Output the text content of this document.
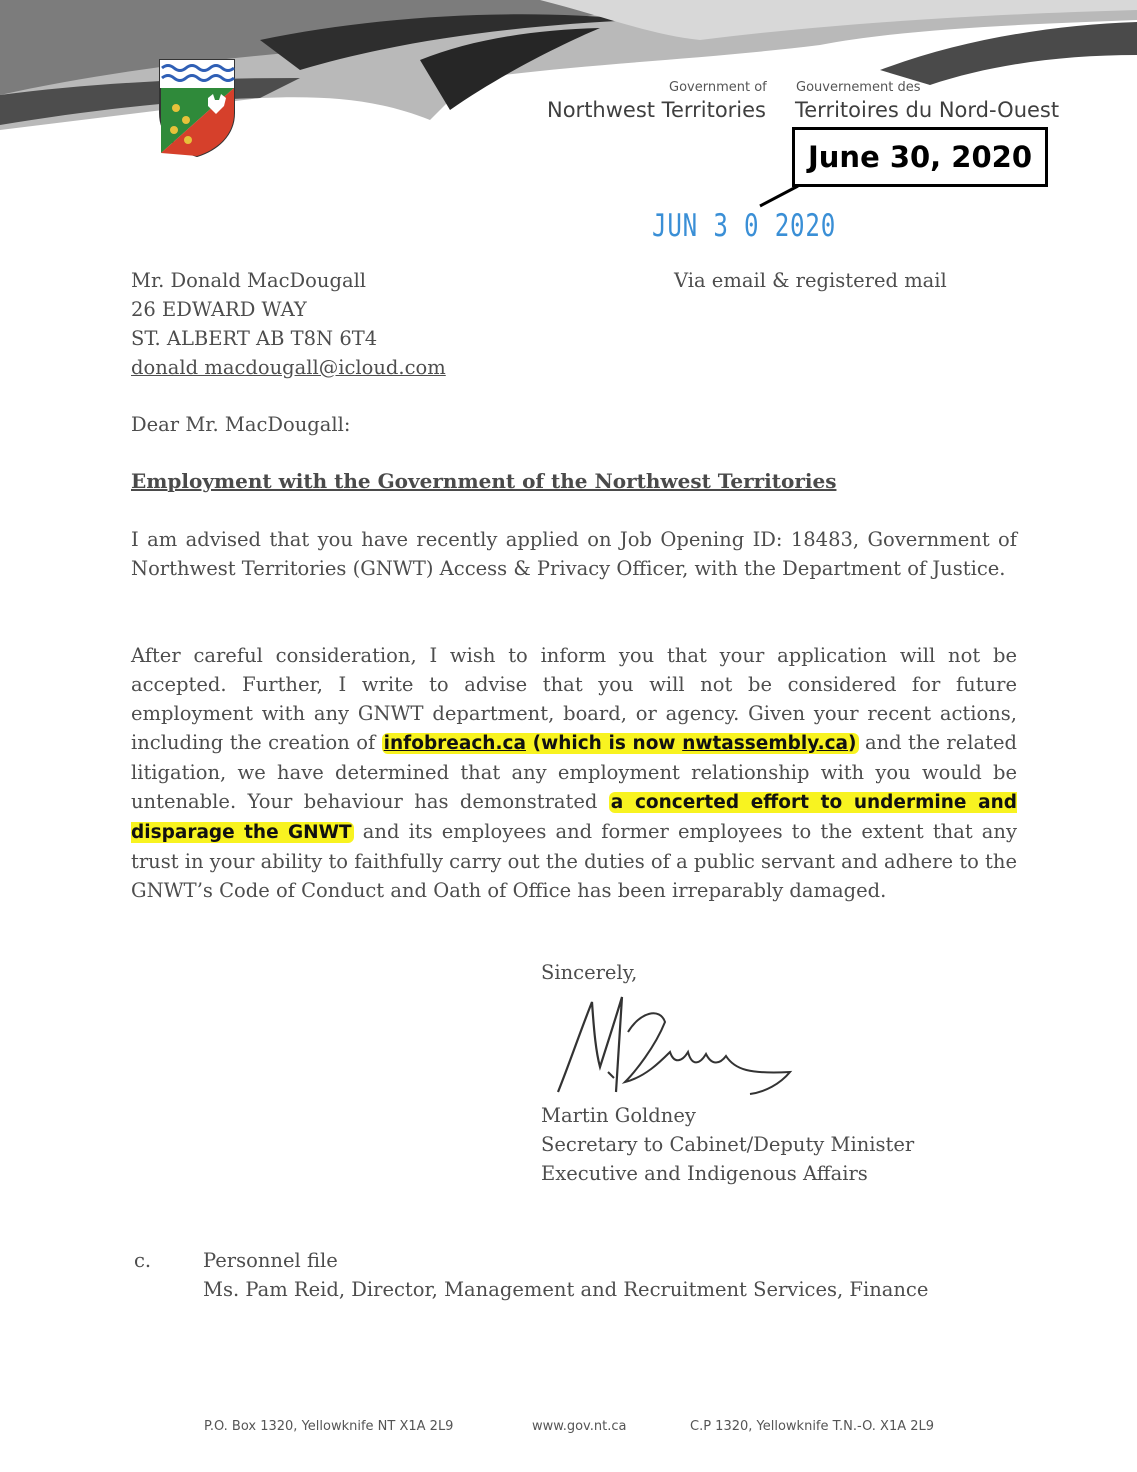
Government of
Northwest Territories
Gouvernement des
Territoires du Nord-Ouest
June 30, 2020
JUN 3 0 2020
Mr. Donald MacDougall
26 EDWARD WAY
ST. ALBERT AB T8N 6T4
donald macdougall@icloud.com
Via email & registered mail
Dear Mr. MacDougall:
Employment with the Government of the Northwest Territories
I am advised that you have recently applied on Job Opening ID: 18483, Government of Northwest Territories (GNWT) Access & Privacy Officer, with the Department of Justice.
After careful consideration, I wish to inform you that your application will not be accepted. Further, I write to advise that you will not be considered for future employment with any GNWT department, board, or agency. Given your recent actions, including the creation of infobreach.ca (which is now nwtassembly.ca) and the related litigation, we have determined that any employment relationship with you would be untenable. Your behaviour has demonstrated a concerted effort to undermine and disparage the GNWT and its employees and former employees to the extent that any trust in your ability to faithfully carry out the duties of a public servant and adhere to the GNWT’s Code of Conduct and Oath of Office has been irreparably damaged.
Sincerely,
Martin Goldney
Secretary to Cabinet/Deputy Minister
Executive and Indigenous Affairs
c.	Personnel file
Ms. Pam Reid, Director, Management and Recruitment Services, Finance
P.O. Box 1320, Yellowknife NT X1A 2L9	www.gov.nt.ca	C.P 1320, Yellowknife T.N.-O. X1A 2L9
